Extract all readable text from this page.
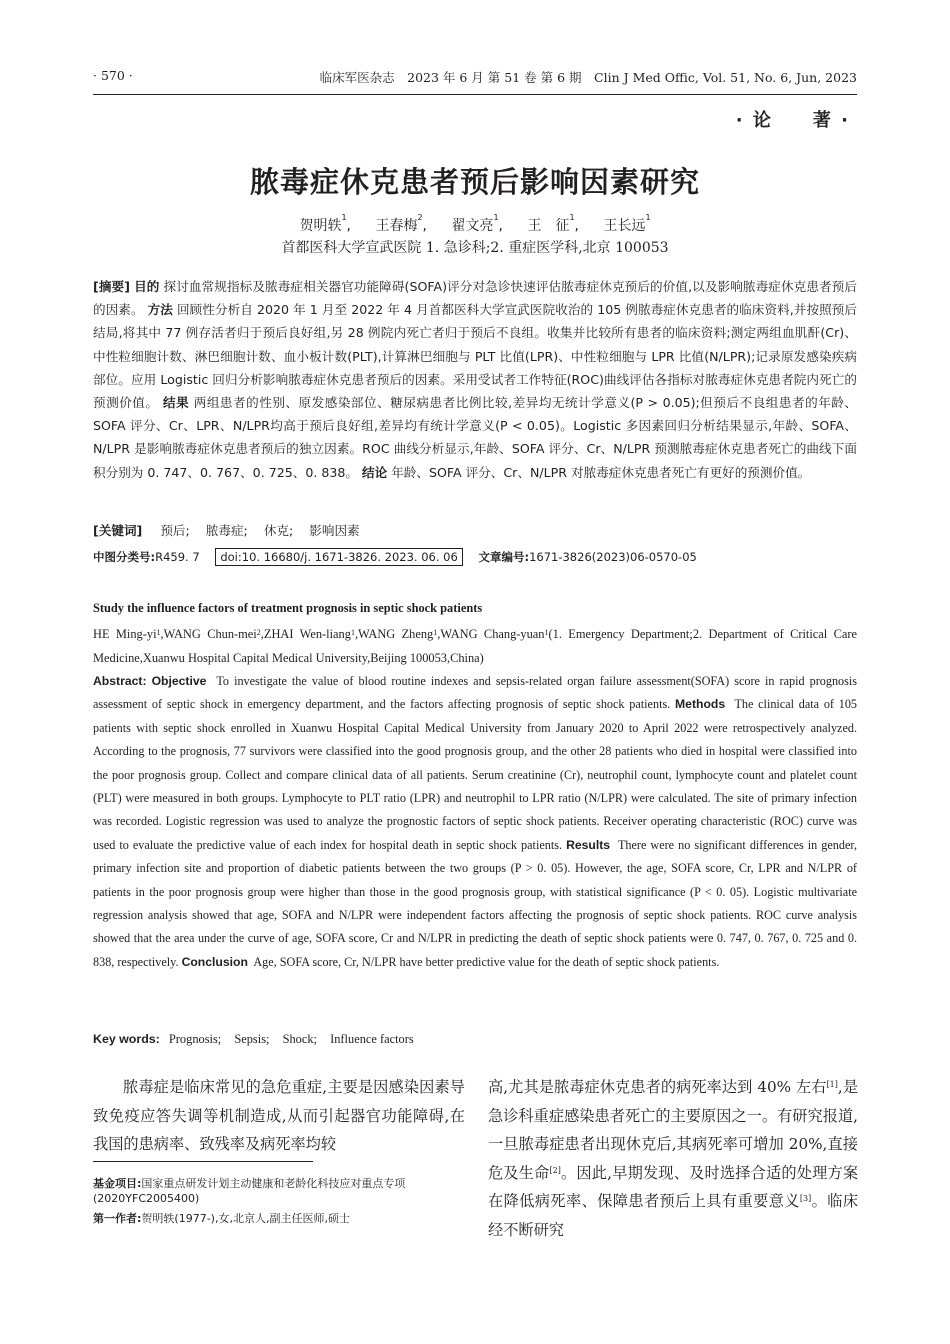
· 570 ·	临床军医杂志　2023 年 6 月 第 51 卷 第 6 期　Clin J Med Offic, Vol. 51, No. 6, Jun, 2023
· 论　　著 ·
脓毒症休克患者预后影响因素研究
贺明轶$^1$, 王春梅$^2$, 翟文亮$^1$, 王　征$^1$, 王长远$^1$
首都医科大学宣武医院 1. 急诊科;2. 重症医学科,北京 100053
[摘要] 目的 探讨血常规指标及脓毒症相关器官功能障碍(SOFA)评分对急诊快速评估脓毒症休克预后的价值,以及影响脓毒症休克患者预后的因素。 方法 回顾性分析自 2020 年 1 月至 2022 年 4 月首都医科大学宣武医院收治的 105 例脓毒症休克患者的临床资料,并按照预后结局,将其中 77 例存活者归于预后良好组,另 28 例院内死亡者归于预后不良组。收集并比较所有患者的临床资料;测定两组血肌酐(Cr)、中性粒细胞计数、淋巴细胞计数、血小板计数(PLT),计算淋巴细胞与 PLT 比值(LPR)、中性粒细胞与 LPR 比值(N/LPR);记录原发感染疾病部位。应用 Logistic 回归分析影响脓毒症休克患者预后的因素。采用受试者工作特征(ROC)曲线评估各指标对脓毒症休克患者院内死亡的预测价值。 结果 两组患者的性别、原发感染部位、糖尿病患者比例比较,差异均无统计学意义(P > 0.05);但预后不良组患者的年龄、SOFA 评分、Cr、LPR、N/LPR均高于预后良好组,差异均有统计学意义(P < 0.05)。Logistic 多因素回归分析结果显示,年龄、SOFA、N/LPR 是影响脓毒症休克患者预后的独立因素。ROC 曲线分析显示,年龄、SOFA 评分、Cr、N/LPR 预测脓毒症休克患者死亡的曲线下面积分别为 0. 747、0. 767、0. 725、0. 838。 结论 年龄、SOFA 评分、Cr、N/LPR 对脓毒症休克患者死亡有更好的预测价值。
[关键词] 预后; 脓毒症; 休克; 影响因素
中图分类号:R459. 7 doi:10. 16680/j. 1671-3826. 2023. 06. 06 文章编号:1671-3826(2023)06-0570-05
Study the influence factors of treatment prognosis in septic shock patients
HE Ming-$yi^1,WANG$ Chun-mei$^2$,ZHAI Wen-liang$^1$,WANG Zheng$^1$,WANG Chang-yuan$^1$(1. Emergency Department;2. Department of Critical Care Medicine,Xuanwu Hospital Capital Medical University,Beijing 100053,China)
Abstract: Objective To investigate the value of blood routine indexes and sepsis-related organ failure assessment(SOFA) score in rapid prognosis assessment of septic shock in emergency department, and the factors affecting prognosis of septic shock patients. Methods The clinical data of 105 patients with septic shock enrolled in Xuanwu Hospital Capital Medical University from January 2020 to April 2022 were retrospectively analyzed. According to the prognosis, 77 survivors were classified into the good prognosis group, and the other 28 patients who died in hospital were classified into the poor prognosis group. Collect and compare clinical data of all patients. Serum creatinine (Cr), neutrophil count, lymphocyte count and platelet count (PLT) were measured in both groups. Lymphocyte to PLT ratio (LPR) and neutrophil to LPR ratio (N/LPR) were calculated. The site of primary infection was recorded. Logistic regression was used to analyze the prognostic factors of septic shock patients. Receiver operating characteristic (ROC) curve was used to evaluate the predictive value of each index for hospital death in septic shock patients. Results There were no significant differences in gender, primary infection site and proportion of diabetic patients between the two groups (P > 0. 05). However, the age, SOFA score, Cr, LPR and N/LPR of patients in the poor prognosis group were higher than those in the good prognosis group, with statistical significance (P < 0. 05). Logistic multivariate regression analysis showed that age, SOFA and N/LPR were independent factors affecting the prognosis of septic shock patients. ROC curve analysis showed that the area under the curve of age, SOFA score, Cr and N/LPR in predicting the death of septic shock patients were 0. 747, 0. 767, 0. 725 and 0. 838, respectively. Conclusion Age, SOFA score, Cr, N/LPR have better predictive value for the death of septic shock patients.
Key words: Prognosis; Sepsis; Shock; Influence factors
脓毒症是临床常见的急危重症,主要是因感染因素导致免疫应答失调等机制造成,从而引起器官功能障碍,在我国的患病率、致残率及病死率均较
高,尤其是脓毒症休克患者的病死率达到 40% 左右[1],是急诊科重症感染患者死亡的主要原因之一。有研究报道,一旦脓毒症患者出现休克后,其病死率可增加 20%,直接危及生命[2]。因此,早期发现、及时选择合适的处理方案在降低病死率、保障患者预后上具有重要意义[3]。临床经不断研究
基金项目:国家重点研发计划主动健康和老龄化科技应对重点专项(2020YFC2005400)
第一作者:贺明轶(1977-),女,北京人,副主任医师,硕士
